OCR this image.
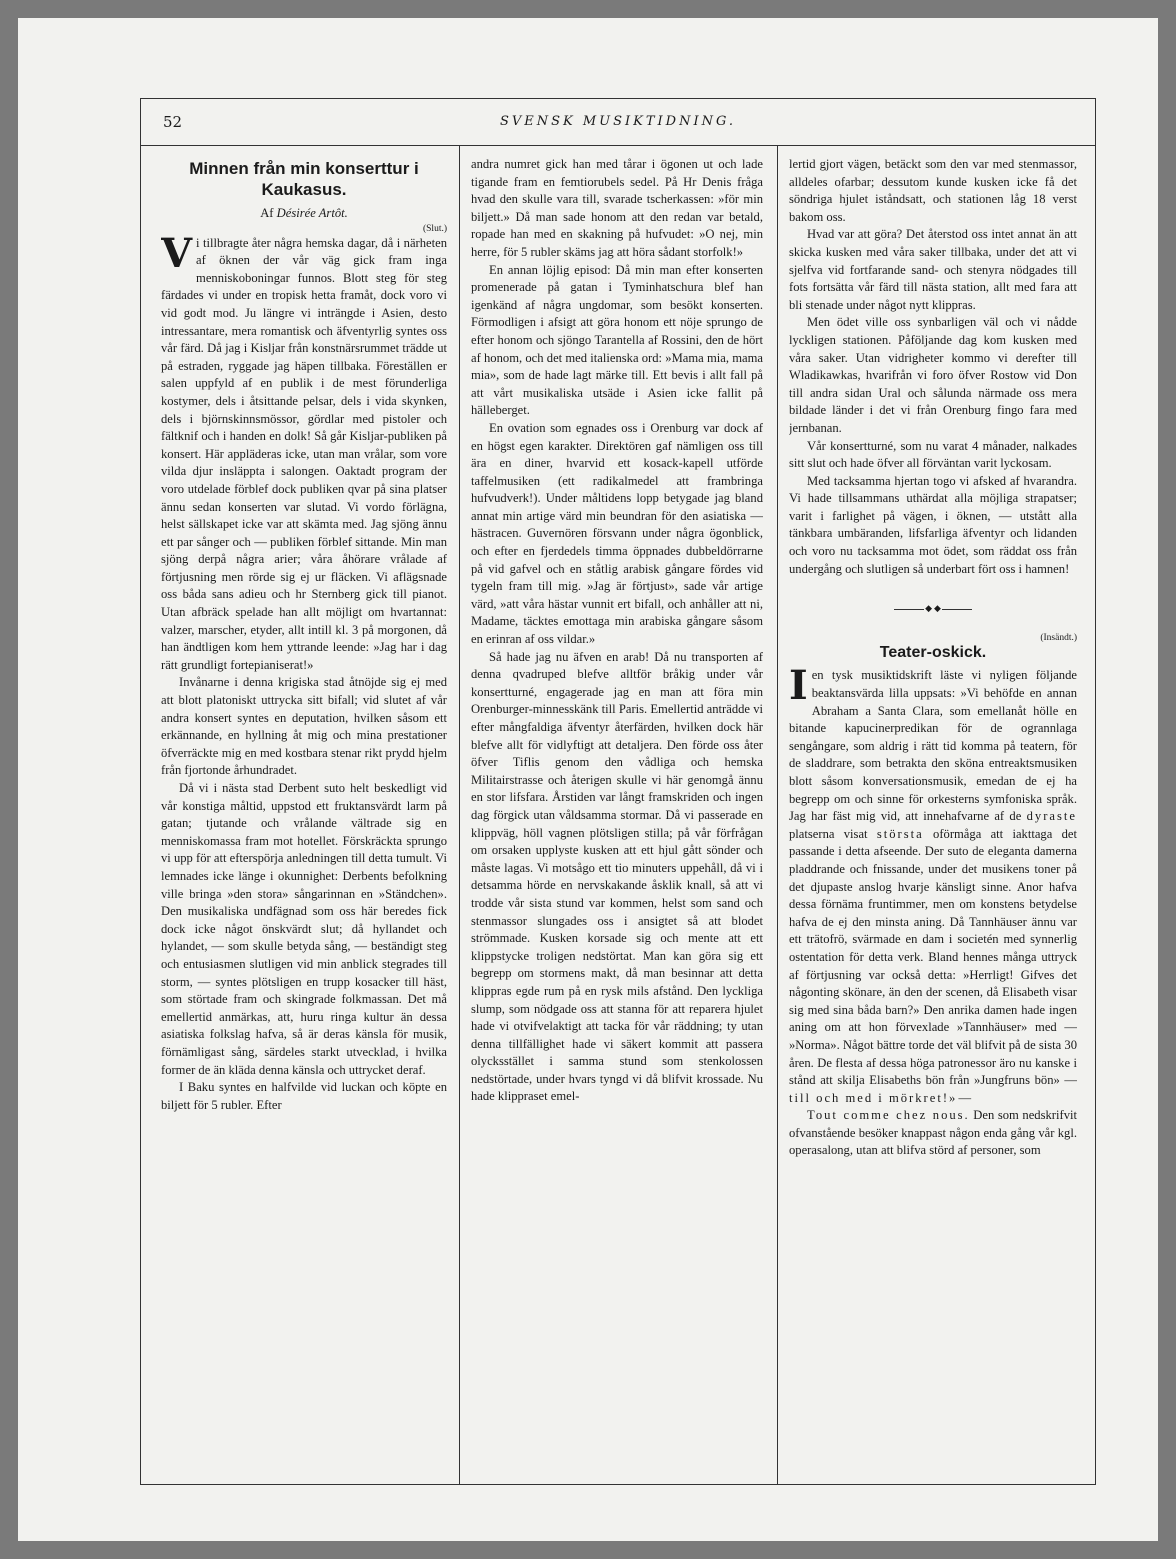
52	SVENSK MUSIKTIDNING.
Minnen från min konserttur i Kaukasus.
Af Désirée Artôt.
(Slut.)

Vi tillbragte åter några hemska dagar, då i närheten af öknen der vår väg gick fram inga menniskoboningar funnos. Blott steg för steg färdades vi under en tropisk hetta framåt, dock voro vi vid godt mod. Ju längre vi inträngde i Asien, desto intressantare, mera romantisk och äfventyrlig syntes oss vår färd. Då jag i Kisljar från konstnärsrummet trädde ut på estraden, ryggade jag häpen tillbaka. Föreställen er salen uppfyld af en publik i de mest förunderliga kostymer, dels i åtsittande pelsar, dels i vida skynken, dels i björnskinnsmössor, gördlar med pistoler och fältknif och i handen en dolk! Så går Kisljar-publiken på konsert. Här appläderas icke, utan man vrålar, som vore vilda djur insläppta i salongen. Oaktadt program der voro utdelade förblef dock publiken qvar på sina platser ännu sedan konserten var slutad. Vi vordo förlägna, helst sällskapet icke var att skämta med. Jag sjöng ännu ett par sånger och — publiken förblef sittande. Min man sjöng derpå några arier; våra åhörare vrålade af förtjusning men rörde sig ej ur fläcken. Vi aflägsnade oss båda sans adieu och hr Sternberg gick till pianot. Utan afbräck spelade han allt möjligt om hvartannat: valzer, marscher, etyder, allt intill kl. 3 på morgonen, då han ändtligen kom hem yttrande leende: »Jag har i dag rätt grundligt fortepianiserat!»

Invånarne i denna krigiska stad åtnöjde sig ej med att blott platoniskt uttrycka sitt bifall; vid slutet af vår andra konsert syntes en deputation, hvilken såsom ett erkännande, en hyllning åt mig och mina prestationer öfverräckte mig en med kostbara stenar rikt prydd hjelm från fjortonde århundradet.

Då vi i nästa stad Derbent suto helt beskedligt vid vår konstiga måltid, uppstod ett fruktansvärdt larm på gatan; tjutande och vrålande vältrade sig en menniskomassa fram mot hotellet. Förskräckta sprungo vi upp för att efterspörja anledningen till detta tumult. Vi lemnades icke länge i okunnighet: Derbents befolkning ville bringa »den stora» sångarinnan en »Ständchen». Den musikaliska undfägnad som oss här beredes fick dock icke något önskvärdt slut; då hyllandet och hylandet, — som skulle betyda sång, — beständigt steg och entusiasmen slutligen vid min anblick stegrades till storm, — syntes plötsligen en trupp kosacker till häst, som störtade fram och skingrade folkmassan. Det må emellertid anmärkas, att, huru ringa kultur än dessa asiatiska folkslag hafva, så är deras känsla för musik, förnämligast sång, särdeles starkt utvecklad, i hvilka former de än kläda denna känsla och uttrycket deraf.

I Baku syntes en halfvilde vid luckan och köpte en biljett för 5 rubler. Efter

andra numret gick han med tårar i ögonen ut och lade tigande fram en femtiorubels sedel. På Hr Denis fråga hvad den skulle vara till, svarade tscherkassen: »för min biljett.» Då man sade honom att den redan var betald, ropade han med en skakning på hufvudet: »O nej, min herre, för 5 rubler skäms jag att höra sådant storfolk!»

En annan löjlig episod: Då min man efter konserten promenerade på gatan i Tyminhatschura blef han igenkänd af några ungdomar, som besökt konserten. Förmodligen i afsigt att göra honom ett nöje sprungo de efter honom och sjöngo Tarantella af Rossini, den de hört af honom, och det med italienska ord: »Mama mia, mama mia», som de hade lagt märke till. Ett bevis i allt fall på att vårt musikaliska utsäde i Asien icke fallit på hälleberget.

En ovation som egnades oss i Orenburg var dock af en högst egen karakter. Direktören gaf nämligen oss till ära en diner, hvarvid ett kosack-kapell utförde taffelmusiken (ett radikalmedel att frambringa hufvudverk!). Under måltidens lopp betygade jag bland annat min artige värd min beundran för den asiatiska — hästracen. Guvernören försvann under några ögonblick, och efter en fjerdedels timma öppnades dubbeldörrarne på vid gafvel och en ståtlig arabisk gångare fördes vid tygeln fram till mig. »Jag är förtjust», sade vår artige värd, »att våra hästar vunnit ert bifall, och anhåller att ni, Madame, täcktes emottaga min arabiska gångare såsom en erinran af oss vildar.»

Så hade jag nu äfven en arab! Då nu transporten af denna qvadruped blefve alltför bråkig under vår konsertturné, engagerade jag en man att föra min Orenburger-minnesskänk till Paris. Emellertid anträdde vi efter mångfaldiga äfventyr återfärden, hvilken dock här blefve allt för vidlyftigt att detaljera. Den förde oss åter öfver Tiflis genom den vådliga och hemska Militairstrasse och återigen skulle vi här genomgå ännu en stor lifsfara. Årstiden var långt framskriden och ingen dag förgick utan våldsamma stormar. Då vi passerade en klippväg, höll vagnen plötsligen stilla; på vår förfrågan om orsaken upplyste kusken att ett hjul gått sönder och måste lagas. Vi motsågo ett tio minuters uppehåll, då vi i detsamma hörde en nervskakande åsklik knall, så att vi trodde vår sista stund var kommen, helst som sand och stenmassor slungades oss i ansigtet så att blodet strömmade. Kusken korsade sig och mente att ett klippstycke troligen nedstörtat. Man kan göra sig ett begrepp om stormens makt, då man besinnar att detta klippras egde rum på en rysk mils afstånd. Den lyckliga slump, som nödgade oss att stanna för att reparera hjulet hade vi otvifvelaktigt att tacka för vår räddning; ty utan denna tillfällighet hade vi säkert kommit att passera olycksstället i samma stund som stenkolossen nedstörtade, under hvars tyngd vi då blifvit krossade. Nu hade klippraset emel-

lertid gjort vägen, betäckt som den var med stenmassor, alldeles ofarbar; dessutom kunde kusken icke få det söndriga hjulet iståndsatt, och stationen låg 18 verst bakom oss.

Hvad var att göra? Det återstod oss intet annat än att skicka kusken med våra saker tillbaka, under det att vi sjelfva vid fortfarande sand- och stenyra nödgades till fots fortsätta vår färd till nästa station, allt med fara att bli stenade under något nytt klippras.

Men ödet ville oss synbarligen väl och vi nådde lyckligen stationen. Påföljande dag kom kusken med våra saker. Utan vidrigheter kommo vi derefter till Wladikawkas, hvarifrån vi foro öfver Rostow vid Don till andra sidan Ural och sålunda närmade oss mera bildade länder i det vi från Orenburg fingo fara med jernbanan.

Vår konsertturné, som nu varat 4 månader, nalkades sitt slut och hade öfver all förväntan varit lyckosam.

Med tacksamma hjertan togo vi afsked af hvarandra. Vi hade tillsammans uthärdat alla möjliga strapatser; varit i farlighet på vägen, i öknen, — utstått alla tänkbara umbäranden, lifsfarliga äfventyr och lidanden och voro nu tacksamma mot ödet, som räddat oss från undergång och slutligen så underbart fört oss i hamnen!

◆ ◆
(Insändt.)
Teater-oskick.

Ien tysk musiktidskrift läste vi nyligen följande beaktansvärda lilla uppsats: »Vi behöfde en annan Abraham a Santa Clara, som emellanåt hölle en bitande kapucinerpredikan för de ogrannlaga sengångare, som aldrig i rätt tid komma på teatern, för de sladdrare, som betrakta den sköna entreaktsmusiken blott såsom konversationsmusik, emedan de ej ha begrepp om och sinne för orkesterns symfoniska språk. Jag har fäst mig vid, att innehafvarne af de dyraste platserna visat största oförmåga att iakttaga det passande i detta afseende. Der suto de eleganta damerna pladdrande och fnissande, under det musikens toner på det djupaste anslog hvarje känsligt sinne. Anor hafva dessa förnäma fruntimmer, men om konstens betydelse hafva de ej den minsta aning. Då Tannhäuser ännu var ett trätofrö, svärmade en dam i societén med synnerlig ostentation för detta verk. Bland hennes många uttryck af förtjusning var också detta: »Herrligt! Gifves det någonting skönare, än den der scenen, då Elisabeth visar sig med sina båda barn?» Den anrika damen hade ingen aning om att hon förvexlade »Tannhäuser» med — »Norma». Något bättre torde det väl blifvit på de sista 30 åren. De flesta af dessa höga patronessor äro nu kanske i stånd att skilja Elisabeths bön från »Jungfruns bön» — till och med i mörkret!» —

Tout comme chez nous. Den som nedskrifvit ofvanstående besöker knappast någon enda gång vår kgl. operasalong, utan att blifva störd af personer, som
